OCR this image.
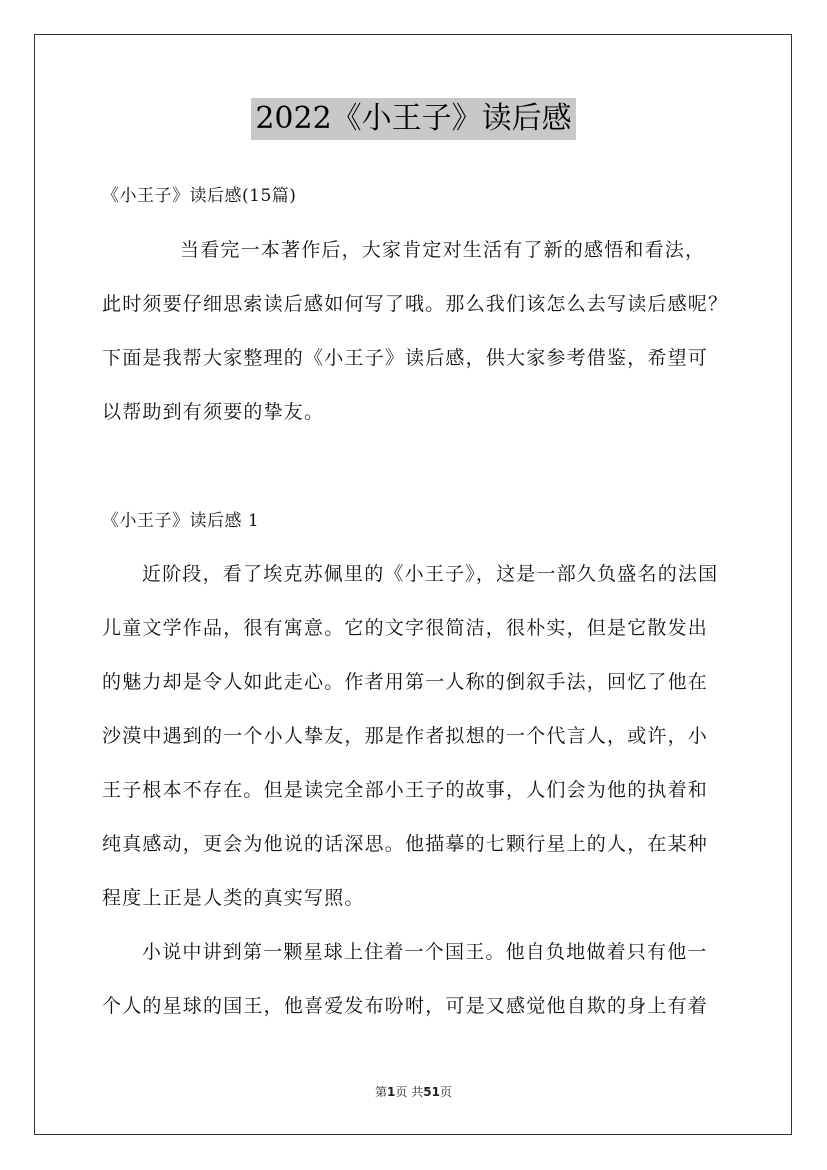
2022《小王子》读后感
《小王子》读后感(15篇)
当看完一本著作后，大家肯定对生活有了新的感悟和看法，
此时须要仔细思索读后感如何写了哦。那么我们该怎么去写读后感呢？
下面是我帮大家整理的《小王子》读后感，供大家参考借鉴，希望可
以帮助到有须要的挚友。
《小王子》读后感 1
近阶段，看了埃克苏佩里的《小王子》，这是一部久负盛名的法国
儿童文学作品，很有寓意。它的文字很简洁，很朴实，但是它散发出
的魅力却是令人如此走心。作者用第一人称的倒叙手法，回忆了他在
沙漠中遇到的一个小人挚友，那是作者拟想的一个代言人，或许，小
王子根本不存在。但是读完全部小王子的故事，人们会为他的执着和
纯真感动，更会为他说的话深思。他描摹的七颗行星上的人，在某种
程度上正是人类的真实写照。
小说中讲到第一颗星球上住着一个国王。他自负地做着只有他一
个人的星球的国王，他喜爱发布吩咐，可是又感觉他自欺的身上有着
第1页 共51页
